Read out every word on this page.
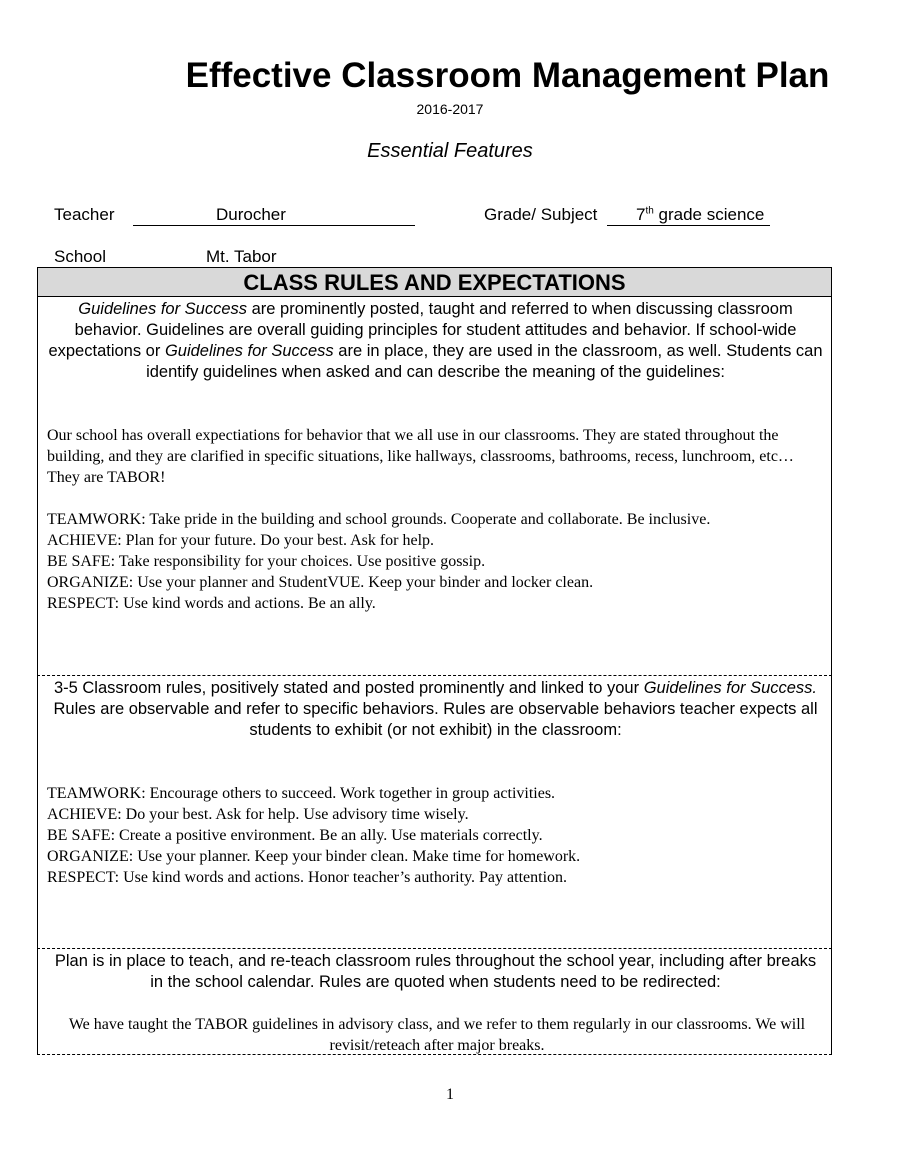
Effective Classroom Management Plan
2016-2017
Essential Features
Teacher	Durocher	Grade/ Subject 7th grade science
School	Mt. Tabor
CLASS RULES AND EXPECTATIONS
Guidelines for Success are prominently posted, taught and referred to when discussing classroom behavior. Guidelines are overall guiding principles for student attitudes and behavior. If school-wide expectations or Guidelines for Success are in place, they are used in the classroom, as well. Students can identify guidelines when asked and can describe the meaning of the guidelines:

Our school has overall expectiations for behavior that we all use in our classrooms. They are stated throughout the building, and they are clarified in specific situations, like hallways, classrooms, bathrooms, recess, lunchroom, etc… They are TABOR!

TEAMWORK: Take pride in the building and school grounds. Cooperate and collaborate. Be inclusive.

ACHIEVE: Plan for your future. Do your best. Ask for help.

BE SAFE: Take responsibility for your choices. Use positive gossip.

ORGANIZE: Use your planner and StudentVUE. Keep your binder and locker clean.

RESPECT: Use kind words and actions. Be an ally.

3-5 Classroom rules, positively stated and posted prominently and linked to your Guidelines for Success. Rules are observable and refer to specific behaviors. Rules are observable behaviors teacher expects all students to exhibit (or not exhibit) in the classroom:

TEAMWORK: Encourage others to succeed. Work together in group activities.

ACHIEVE: Do your best. Ask for help. Use advisory time wisely.

BE SAFE: Create a positive environment. Be an ally. Use materials correctly.

ORGANIZE: Use your planner. Keep your binder clean. Make time for homework.

RESPECT: Use kind words and actions. Honor teacher’s authority. Pay attention.

Plan is in place to teach, and re-teach classroom rules throughout the school year, including after breaks in the school calendar. Rules are quoted when students need to be redirected:
We have taught the TABOR guidelines in advisory class, and we refer to them regularly in our classrooms. We will revisit/reteach after major breaks.
1
